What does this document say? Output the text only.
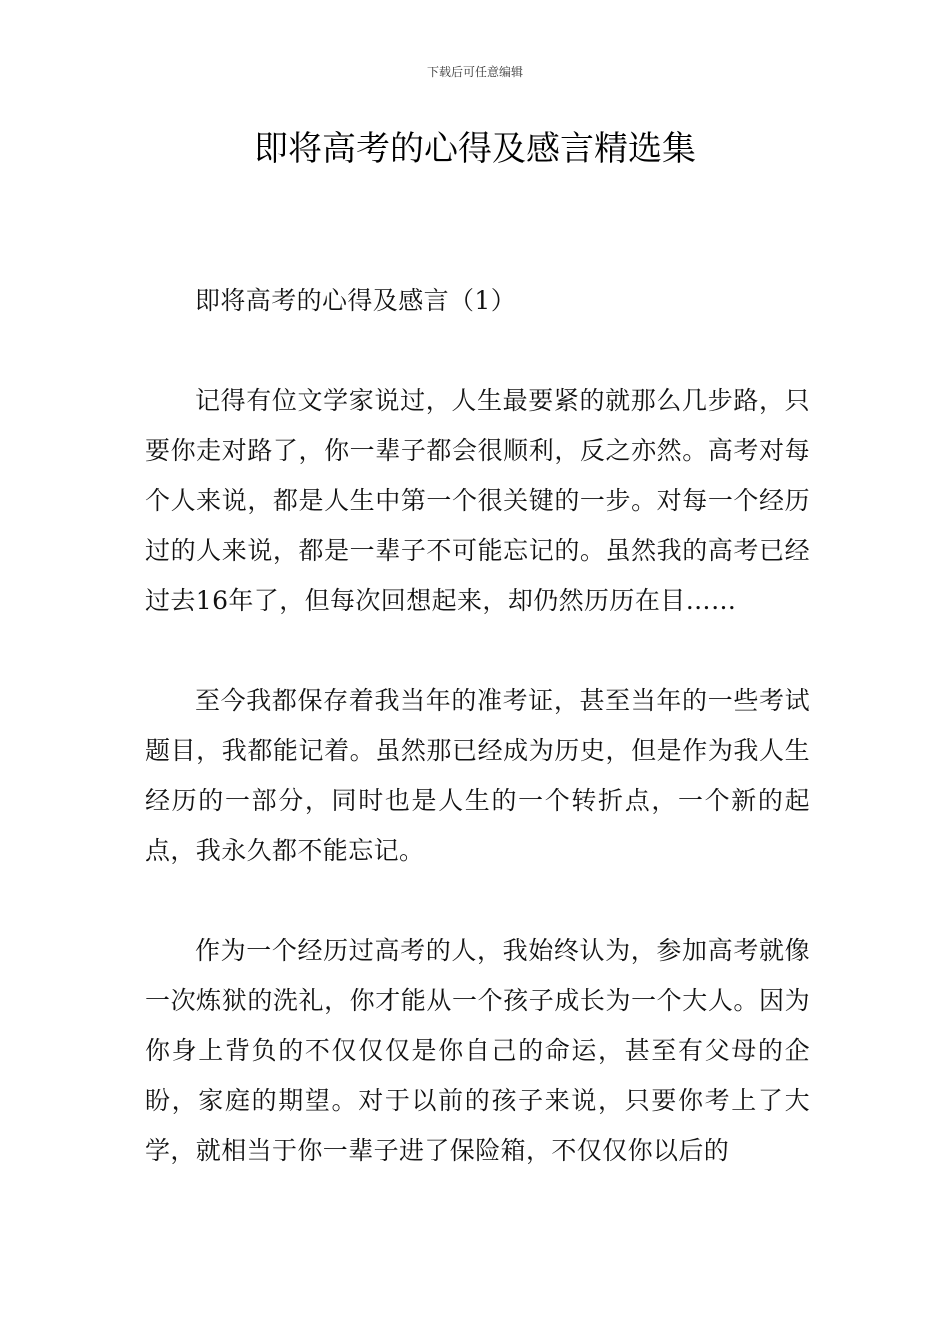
下载后可任意编辑
即将高考的心得及感言精选集

即将高考的心得及感言（1）

记得有位文学家说过，人生最要紧的就那么几步路，只要你走对路了，你一辈子都会很顺利，反之亦然。高考对每个人来说，都是人生中第一个很关键的一步。对每一个经历过的人来说，都是一辈子不可能忘记的。虽然我的高考已经过去16年了，但每次回想起来，却仍然历历在目……

至今我都保存着我当年的准考证，甚至当年的一些考试题目，我都能记着。虽然那已经成为历史，但是作为我人生经历的一部分，同时也是人生的一个转折点，一个新的起点，我永久都不能忘记。

作为一个经历过高考的人，我始终认为，参加高考就像一次炼狱的洗礼，你才能从一个孩子成长为一个大人。因为你身上背负的不仅仅仅是你自己的命运，甚至有父母的企盼，家庭的期望。对于以前的孩子来说，只要你考上了大学，就相当于你一辈子进了保险箱，不仅仅你以后的
